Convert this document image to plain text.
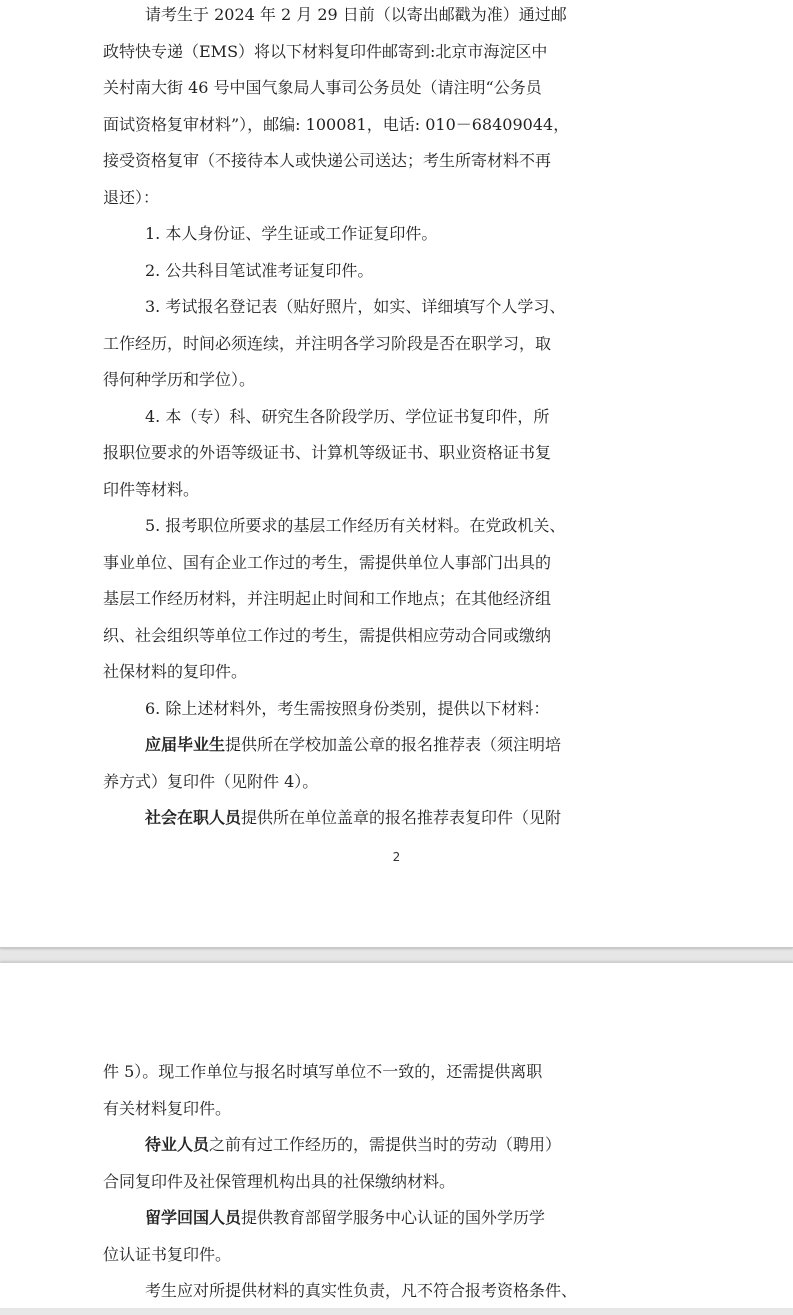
请考生于 2024 年 2 月 29 日前（以寄出邮戳为准）通过邮
政特快专递（EMS）将以下材料复印件邮寄到:北京市海淀区中
关村南大街 46 号中国气象局人事司公务员处（请注明“公务员
面试资格复审材料”），邮编: 100081，电话: 010－68409044，
接受资格复审（不接待本人或快递公司送达；考生所寄材料不再
退还）：
1. 本人身份证、学生证或工作证复印件。
2. 公共科目笔试准考证复印件。
3. 考试报名登记表（贴好照片，如实、详细填写个人学习、
工作经历，时间必须连续，并注明各学习阶段是否在职学习，取
得何种学历和学位）。
4. 本（专）科、研究生各阶段学历、学位证书复印件，所
报职位要求的外语等级证书、计算机等级证书、职业资格证书复
印件等材料。
5. 报考职位所要求的基层工作经历有关材料。在党政机关、
事业单位、国有企业工作过的考生，需提供单位人事部门出具的
基层工作经历材料，并注明起止时间和工作地点；在其他经济组
织、社会组织等单位工作过的考生，需提供相应劳动合同或缴纳
社保材料的复印件。
6. 除上述材料外，考生需按照身份类别，提供以下材料：
应届毕业生提供所在学校加盖公章的报名推荐表（须注明培
养方式）复印件（见附件 4）。
社会在职人员提供所在单位盖章的报名推荐表复印件（见附
2
件 5）。现工作单位与报名时填写单位不一致的，还需提供离职
有关材料复印件。
待业人员之前有过工作经历的，需提供当时的劳动（聘用）
合同复印件及社保管理机构出具的社保缴纳材料。
留学回国人员提供教育部留学服务中心认证的国外学历学
位认证书复印件。
考生应对所提供材料的真实性负责，凡不符合报考资格条件、
